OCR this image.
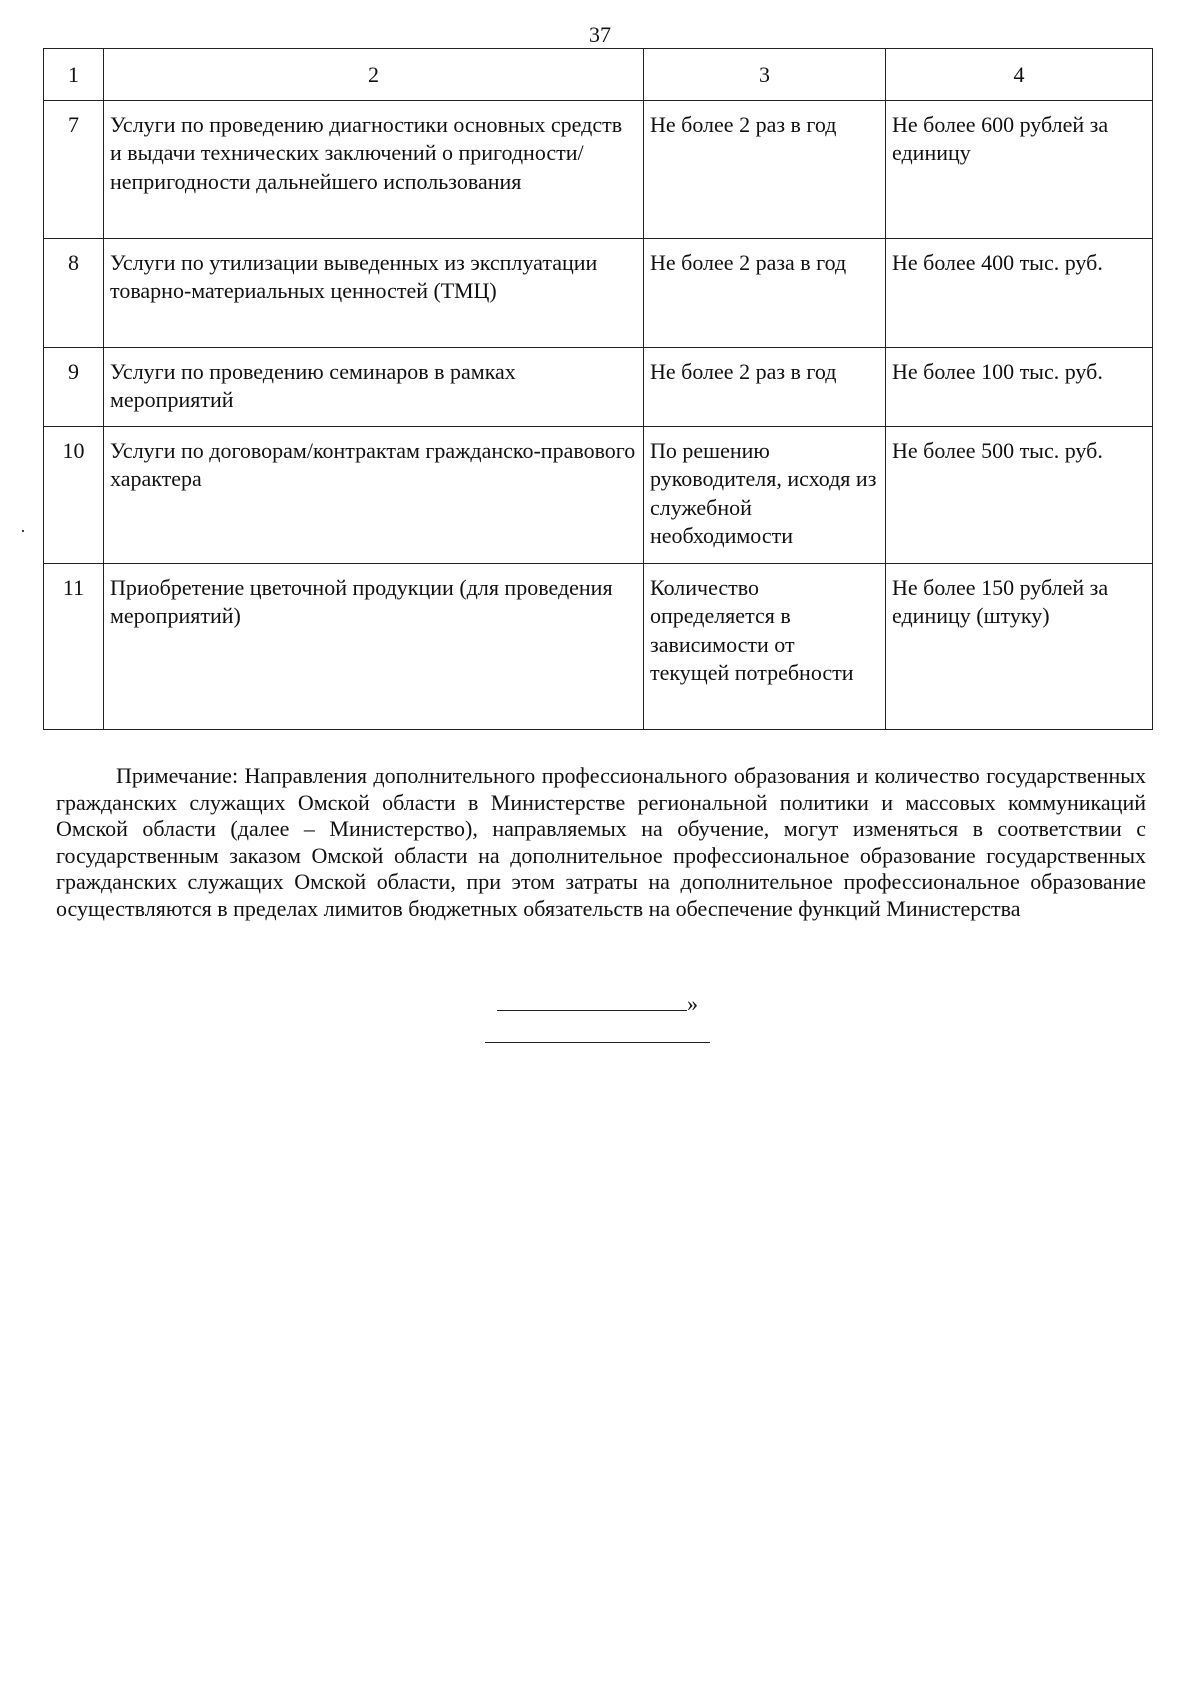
37
1	2	3	4
7	Услуги по проведению диагностики основных средств и выдачи технических заключений о пригодности/непригодности дальнейшего использования	Не более 2 раз в год	Не более 600 рублей за единицу
8	Услуги по утилизации выведенных из эксплуатации товарно-материальных ценностей (ТМЦ)	Не более 2 раза в год	Не более 400 тыс. руб.
9	Услуги по проведению семинаров в рамках мероприятий	Не более 2 раз в год	Не более 100 тыс. руб.
10	Услуги по договорам/контрактам гражданско-правового характера	По решению руководителя, исходя из служебной необходимости	Не более 500 тыс. руб.
11	Приобретение цветочной продукции (для проведения мероприятий)	Количество определяется в зависимости от текущей потребности	Не более 150 рублей за единицу (штуку)

Примечание: Направления дополнительного профессионального образования и количество государственных гражданских служащих Омской области в Министерстве региональной политики и массовых коммуникаций Омской области (далее – Министерство), направляемых на обучение, могут изменяться в соответствии с государственным заказом Омской области на дополнительное профессиональное образование государственных гражданских служащих Омской области, при этом затраты на дополнительное профессиональное образование осуществляются в пределах лимитов бюджетных обязательств на обеспечение функций Министерства

»
